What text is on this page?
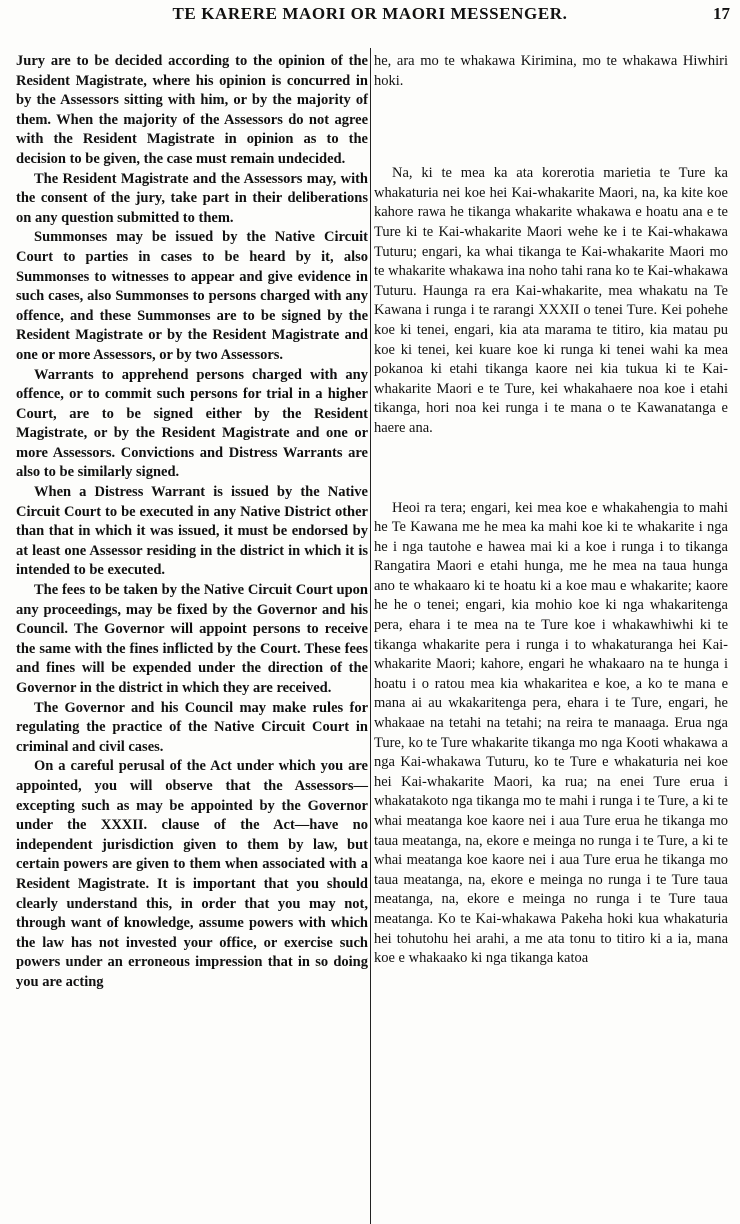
TE KARERE MAORI OR MAORI MESSENGER.	17

Jury are to be decided according to the opinion of the Resident Magistrate, where his opinion is concurred in by the Assessors sitting with him, or by the majority of them. When the majority of the Assessors do not agree with the Resident Magistrate in opinion as to the decision to be given, the case must remain undecided.

The Resident Magistrate and the Assessors may, with the consent of the jury, take part in their deliberations on any question submitted to them.

Summonses may be issued by the Native Circuit Court to parties in cases to be heard by it, also Summonses to witnesses to appear and give evidence in such cases, also Summonses to persons charged with any offence, and these Summonses are to be signed by the Resident Magistrate or by the Resident Magistrate and one or more Assessors, or by two Assessors.

Warrants to apprehend persons charged with any offence, or to commit such persons for trial in a higher Court, are to be signed either by the Resident Magistrate, or by the Resident Magistrate and one or more Assessors. Convictions and Distress Warrants are also to be similarly signed.

When a Distress Warrant is issued by the Native Circuit Court to be executed in any Native District other than that in which it was issued, it must be endorsed by at least one Assessor residing in the district in which it is intended to be executed.

The fees to be taken by the Native Circuit Court upon any proceedings, may be fixed by the Governor and his Council. The Governor will appoint persons to receive the same with the fines inflicted by the Court. These fees and fines will be expended under the direction of the Governor in the district in which they are received.

The Governor and his Council may make rules for regulating the practice of the Native Circuit Court in criminal and civil cases.

On a careful perusal of the Act under which you are appointed, you will observe that the Assessors—excepting such as may be appointed by the Governor under the XXXII. clause of the Act—have no independent jurisdiction given to them by law, but certain powers are given to them when associated with a Resident Magistrate. It is important that you should clearly understand this, in order that you may not, through want of knowledge, assume powers with which the law has not invested your office, or exercise such powers under an erroneous impression that in so doing you are acting

he, ara mo te whakawa Kirimina, mo te whakawa Hiwhiri hoki.

Na, ki te mea ka ata korerotia marietia te Ture ka whakaturia nei koe hei Kai-whakarite Maori, na, ka kite koe kahore rawa he tikanga whakarite whakawa e hoatu ana e te Ture ki te Kai-whakarite Maori wehe ke i te Kai-whakawa Tuturu; engari, ka whai tikanga te Kai-whakarite Maori mo te whakarite whakawa ina noho tahi rana ko te Kai-whakawa Tuturu. Haunga ra era Kai-whakarite, mea whakatu na Te Kawana i runga i te rarangi XXXII o tenei Ture. Kei pohehe koe ki tenei, engari, kia ata marama te titiro, kia matau pu koe ki tenei, kei kuare koe ki runga ki tenei wahi ka mea pokanoa ki etahi tikanga kaore nei kia tukua ki te Kai-whakarite Maori e te Ture, kei whakahaere noa koe i etahi tikanga, hori noa kei runga i te mana o te Kawanatanga e haere ana.

Heoi ra tera; engari, kei mea koe e whakahengia to mahi he Te Kawana me he mea ka mahi koe ki te whakarite i nga he i nga tautohe e hawea mai ki a koe i runga i to tikanga Rangatira Maori e etahi hunga, me he mea na taua hunga ano te whakaaro ki te hoatu ki a koe mau e whakarite; kaore he he o tenei; engari, kia mohio koe ki nga whakaritenga pera, ehara i te mea na te Ture koe i whakawhiwhi ki te tikanga whakarite pera i runga i to whakaturanga hei Kai-whakarite Maori; kahore, engari he whakaaro na te hunga i hoatu i o ratou mea kia whakaritea e koe, a ko te mana e mana ai au wkakaritenga pera, ehara i te Ture, engari, he whakaae na tetahi na tetahi; na reira te manaaga. Erua nga Ture, ko te Ture whakarite tikanga mo nga Kooti whakawa a nga Kai-whakawa Tuturu, ko te Ture e whakaturia nei koe hei Kai-whakarite Maori, ka rua; na enei Ture erua i whakatakoto nga tikanga mo te mahi i runga i te Ture, a ki te whai meatanga koe kaore nei i aua Ture erua he tikanga mo taua meatanga, na, ekore e meinga no runga i te Ture, a ki te whai meatanga koe kaore nei i aua Ture erua he tikanga mo taua meatanga, na, ekore e meinga no runga i te Ture taua meatanga, na, ekore e meinga no runga i te Ture taua meatanga. Ko te Kai-whakawa Pakeha hoki kua whakaturia hei tohutohu hei arahi, a me ata tonu to titiro ki a ia, mana koe e whakaako ki nga tikanga katoa
